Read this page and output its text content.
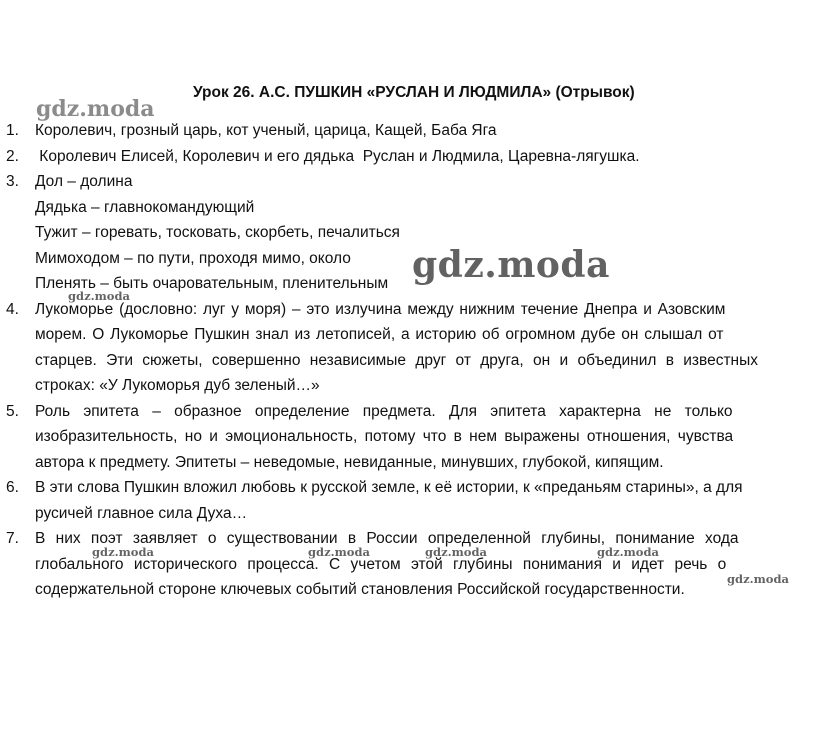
Урок 26. А.С. ПУШКИН «РУСЛАН И ЛЮДМИЛА» (Отрывок)
1. Королевич, грозный царь, кот ученый, царица, Кащей, Баба Яга
2. Королевич Елисей, Королевич и его дядька  Руслан и Людмила, Царевна-лягушка.
3. Дол – долина
Дядька – главнокомандующий
Тужит – горевать, тосковать, скорбеть, печалиться
Мимоходом – по пути, проходя мимо, около
Пленять – быть очаровательным, пленительным
4. Лукоморье (дословно: луг у моря) – это излучина между нижним течение Днепра и Азовским
морем. О Лукоморье Пушкин знал из летописей, а историю об огромном дубе он слышал от
старцев. Эти сюжеты, совершенно независимые друг от друга, он и объединил в известных
строках: «У Лукоморья дуб зеленый…»
5. Роль эпитета – образное определение предмета. Для эпитета характерна не только
изобразительность, но и эмоциональность, потому что в нем выражены отношения, чувства
автора к предмету. Эпитеты – неведомые, невиданные, минувших, глубокой, кипящим.
6. В эти слова Пушкин вложил любовь к русской земле, к её истории, к «преданьям старины», а для
русичей главное сила Духа…
7. В них поэт заявляет о существовании в России определенной глубины, понимание хода
глобального исторического процесса. С учетом этой глубины понимания и идет речь о
содержательной стороне ключевых событий становления Российской государственности.
gdz.moda
gdz.moda
gdz.moda
gdz.moda	gdz.moda	gdz.moda	gdz.moda
gdz.moda
